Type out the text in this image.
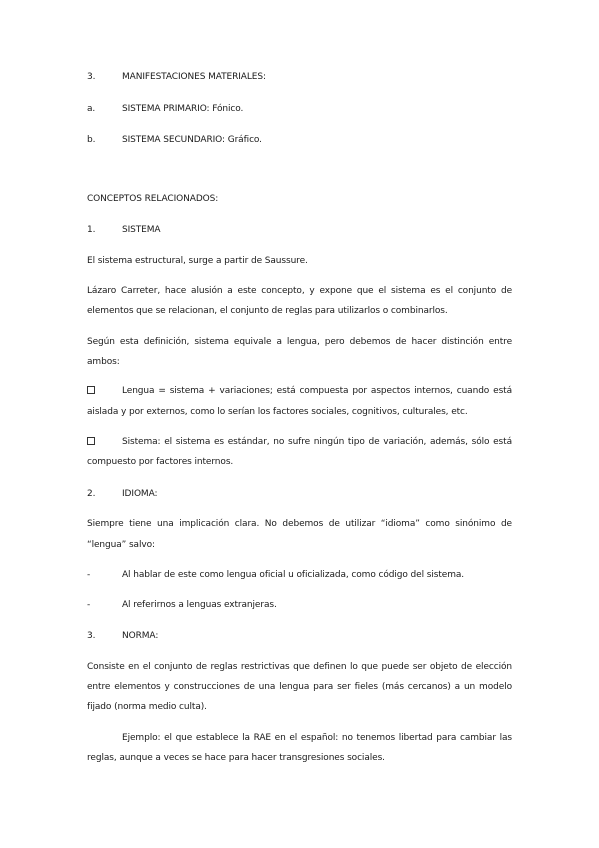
3.	MANIFESTACIONES MATERIALES:
a.	SISTEMA PRIMARIO: Fónico.
b.	SISTEMA SECUNDARIO: Gráfico.
CONCEPTOS RELACIONADOS:
1.	SISTEMA
El sistema estructural, surge a partir de Saussure.
Lázaro Carreter, hace alusión a este concepto, y expone que el sistema es el conjunto de
elementos que se relacionan, el conjunto de reglas para utilizarlos o combinarlos.
Según esta definición, sistema equivale a lengua, pero debemos de hacer distinción entre
ambos:
Lengua = sistema + variaciones; está compuesta por aspectos internos, cuando está
aislada y por externos, como lo serían los factores sociales, cognitivos, culturales, etc.
Sistema: el sistema es estándar, no sufre ningún tipo de variación, además, sólo está
compuesto por factores internos.
2.	IDIOMA:
Siempre tiene una implicación clara. No debemos de utilizar “idioma” como sinónimo de
“lengua” salvo:
-	Al hablar de este como lengua oficial u oficializada, como código del sistema.
-	Al referirnos a lenguas extranjeras.
3.	NORMA:
Consiste en el conjunto de reglas restrictivas que definen lo que puede ser objeto de elección
entre elementos y construcciones de una lengua para ser fieles (más cercanos) a un modelo
fijado (norma medio culta).
Ejemplo: el que establece la RAE en el español: no tenemos libertad para cambiar las
reglas, aunque a veces se hace para hacer transgresiones sociales.
